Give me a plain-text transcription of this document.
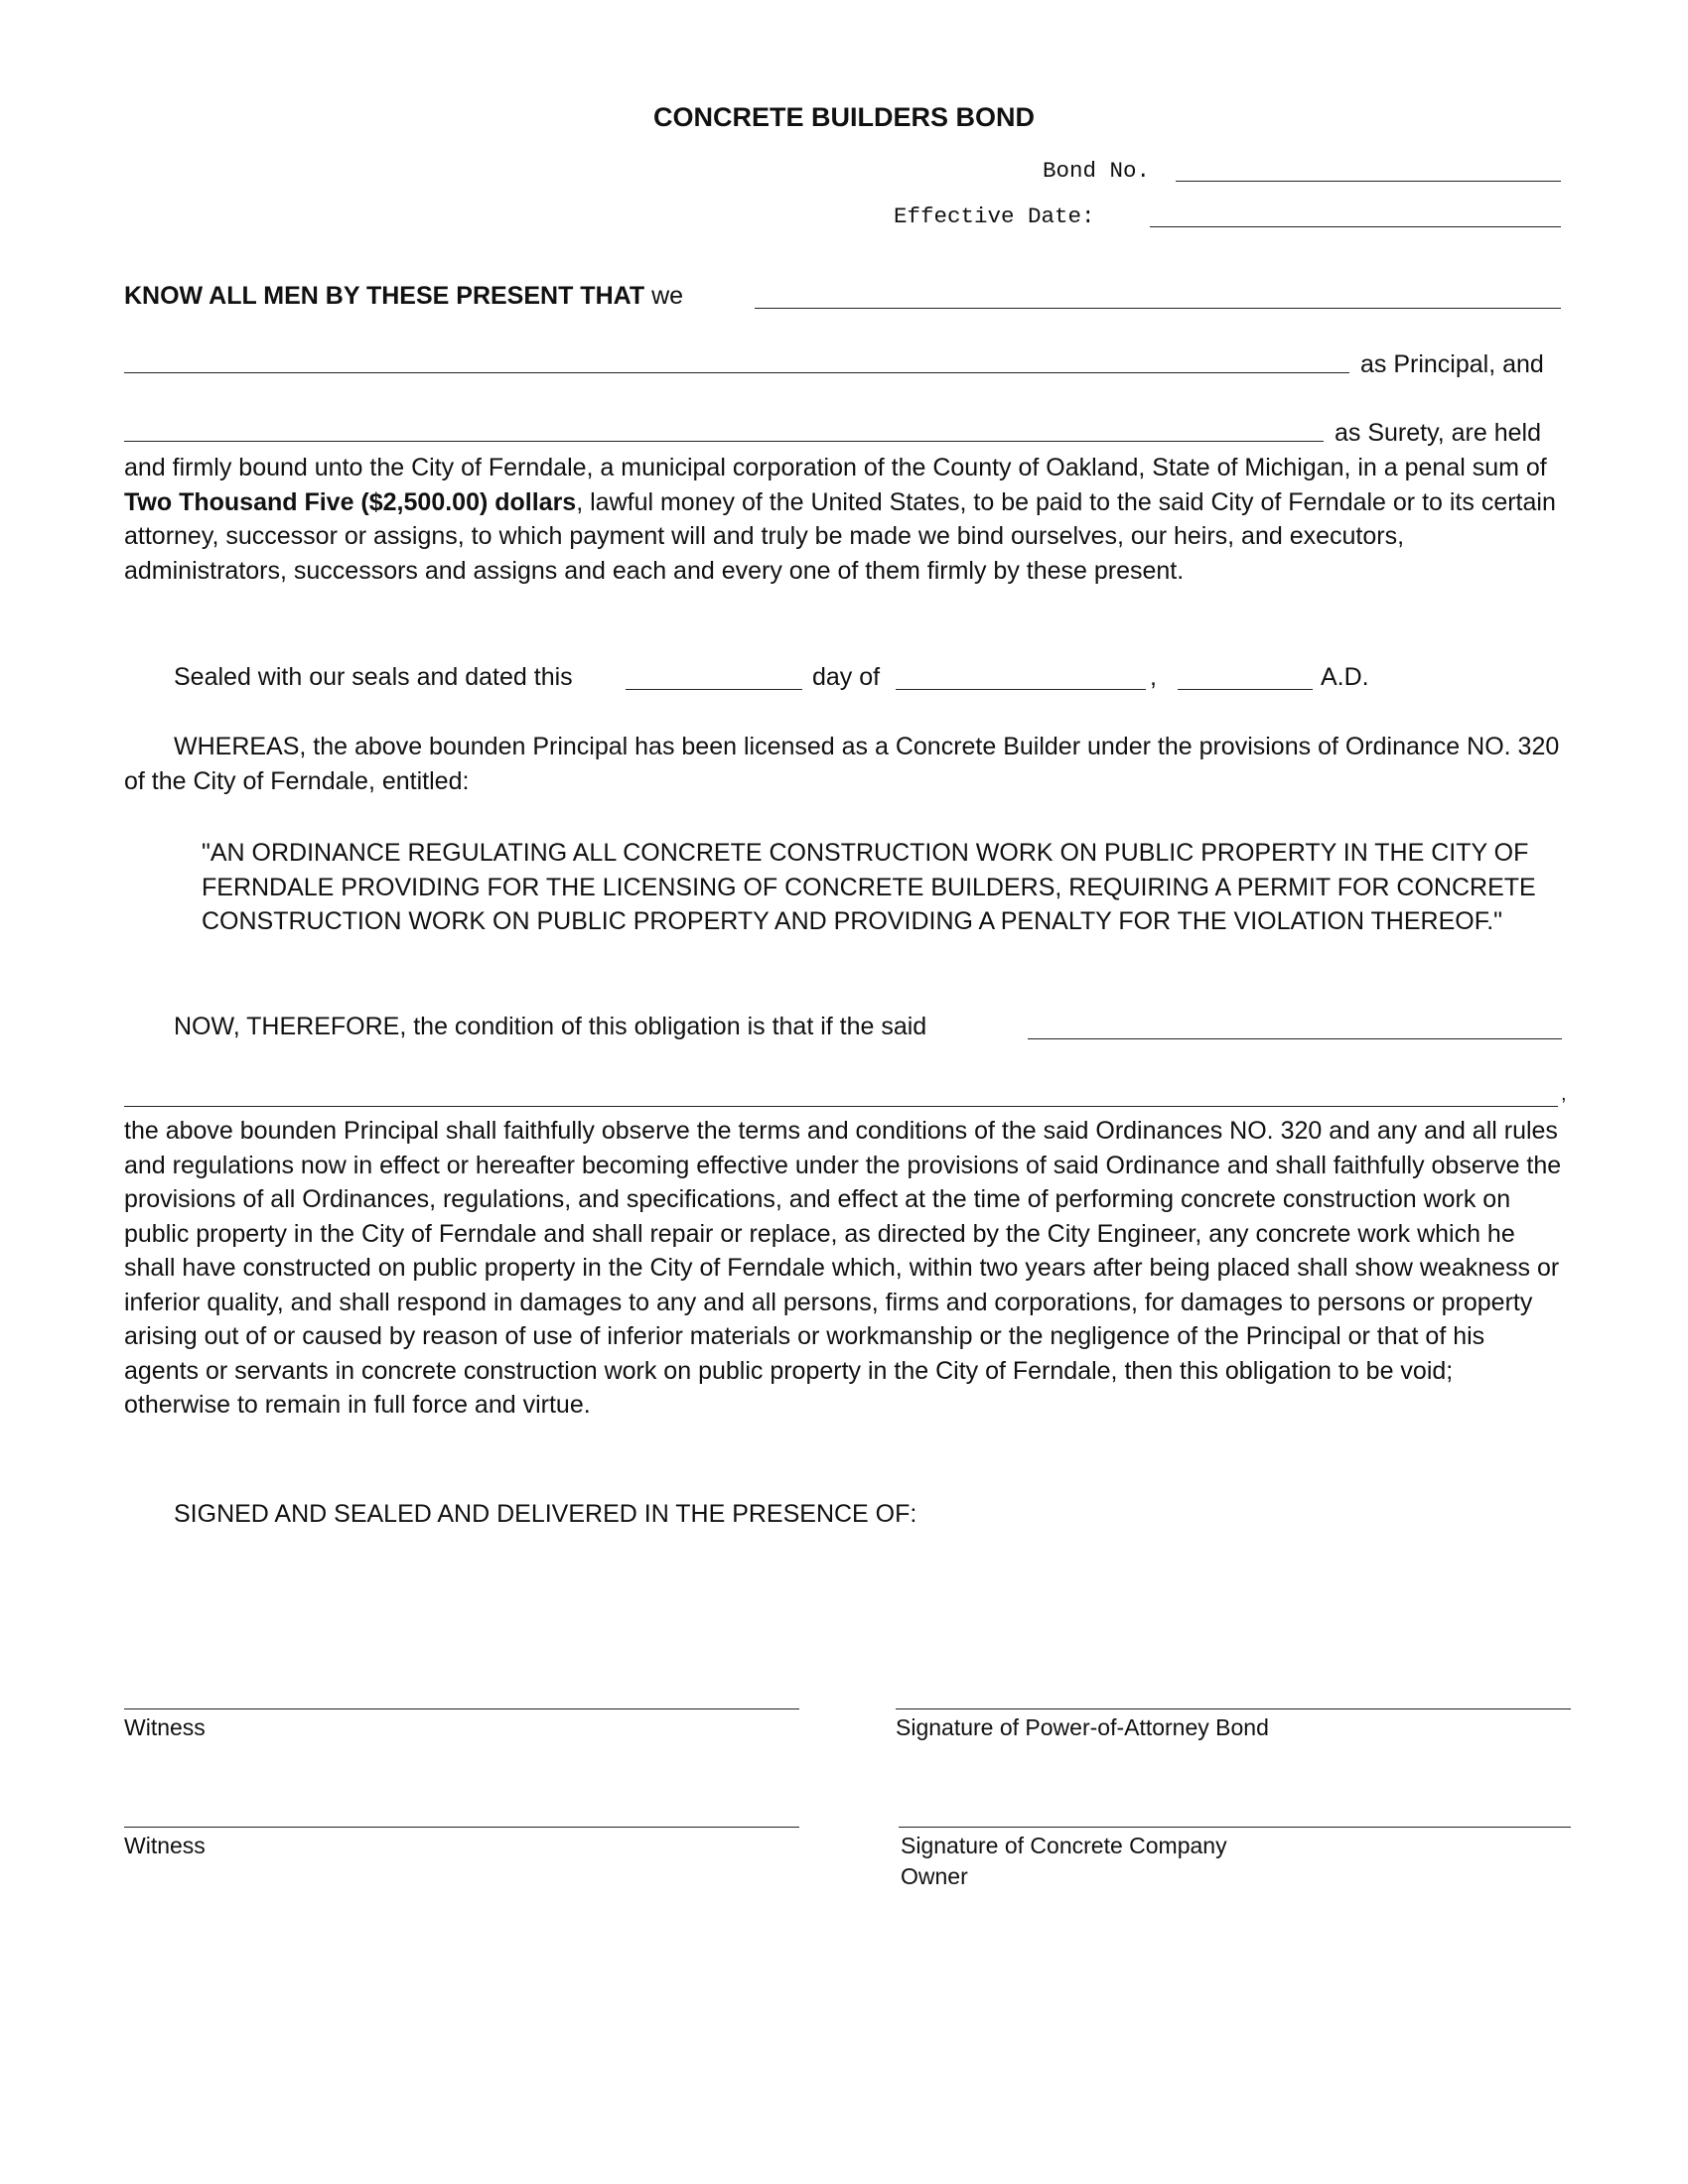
CONCRETE BUILDERS BOND
Bond No.
Effective Date:
KNOW ALL MEN BY THESE PRESENT THAT we
as Principal, and
as Surety, are held
and firmly bound unto the City of Ferndale, a municipal corporation of the County of Oakland, State of Michigan, in a penal sum of Two Thousand Five ($2,500.00) dollars, lawful money of the United States, to be paid to the said City of Ferndale or to its certain attorney, successor or assigns, to which payment will and truly be made we bind ourselves, our heirs, and executors, administrators, successors and assigns and each and every one of them firmly by these present.
Sealed with our seals and dated this	day of	,	A.D.
WHEREAS, the above bounden Principal has been licensed as a Concrete Builder under the provisions of Ordinance NO. 320 of the City of Ferndale, entitled:
"AN ORDINANCE REGULATING ALL CONCRETE CONSTRUCTION WORK ON PUBLIC PROPERTY IN THE CITY OF FERNDALE PROVIDING FOR THE LICENSING OF CONCRETE BUILDERS, REQUIRING A PERMIT FOR CONCRETE CONSTRUCTION WORK ON PUBLIC PROPERTY AND PROVIDING A PENALTY FOR THE VIOLATION THEREOF."
NOW, THEREFORE, the condition of this obligation is that if the said
,
the above bounden Principal shall faithfully observe the terms and conditions of the said Ordinances NO. 320 and any and all rules and regulations now in effect or hereafter becoming effective under the provisions of said Ordinance and shall faithfully observe the provisions of all Ordinances, regulations, and specifications, and effect at the time of performing concrete construction work on public property in the City of Ferndale and shall repair or replace, as directed by the City Engineer, any concrete work which he shall have constructed on public property in the City of Ferndale which, within two years after being placed shall show weakness or inferior quality, and shall respond in damages to any and all persons, firms and corporations, for damages to persons or property arising out of or caused by reason of use of inferior materials or workmanship or the negligence of the Principal or that of his agents or servants in concrete construction work on public property in the City of Ferndale, then this obligation to be void; otherwise to remain in full force and virtue.
SIGNED AND SEALED AND DELIVERED IN THE PRESENCE OF:
Witness	Signature of Power-of-Attorney Bond
Witness	Signature of Concrete Company
Owner
